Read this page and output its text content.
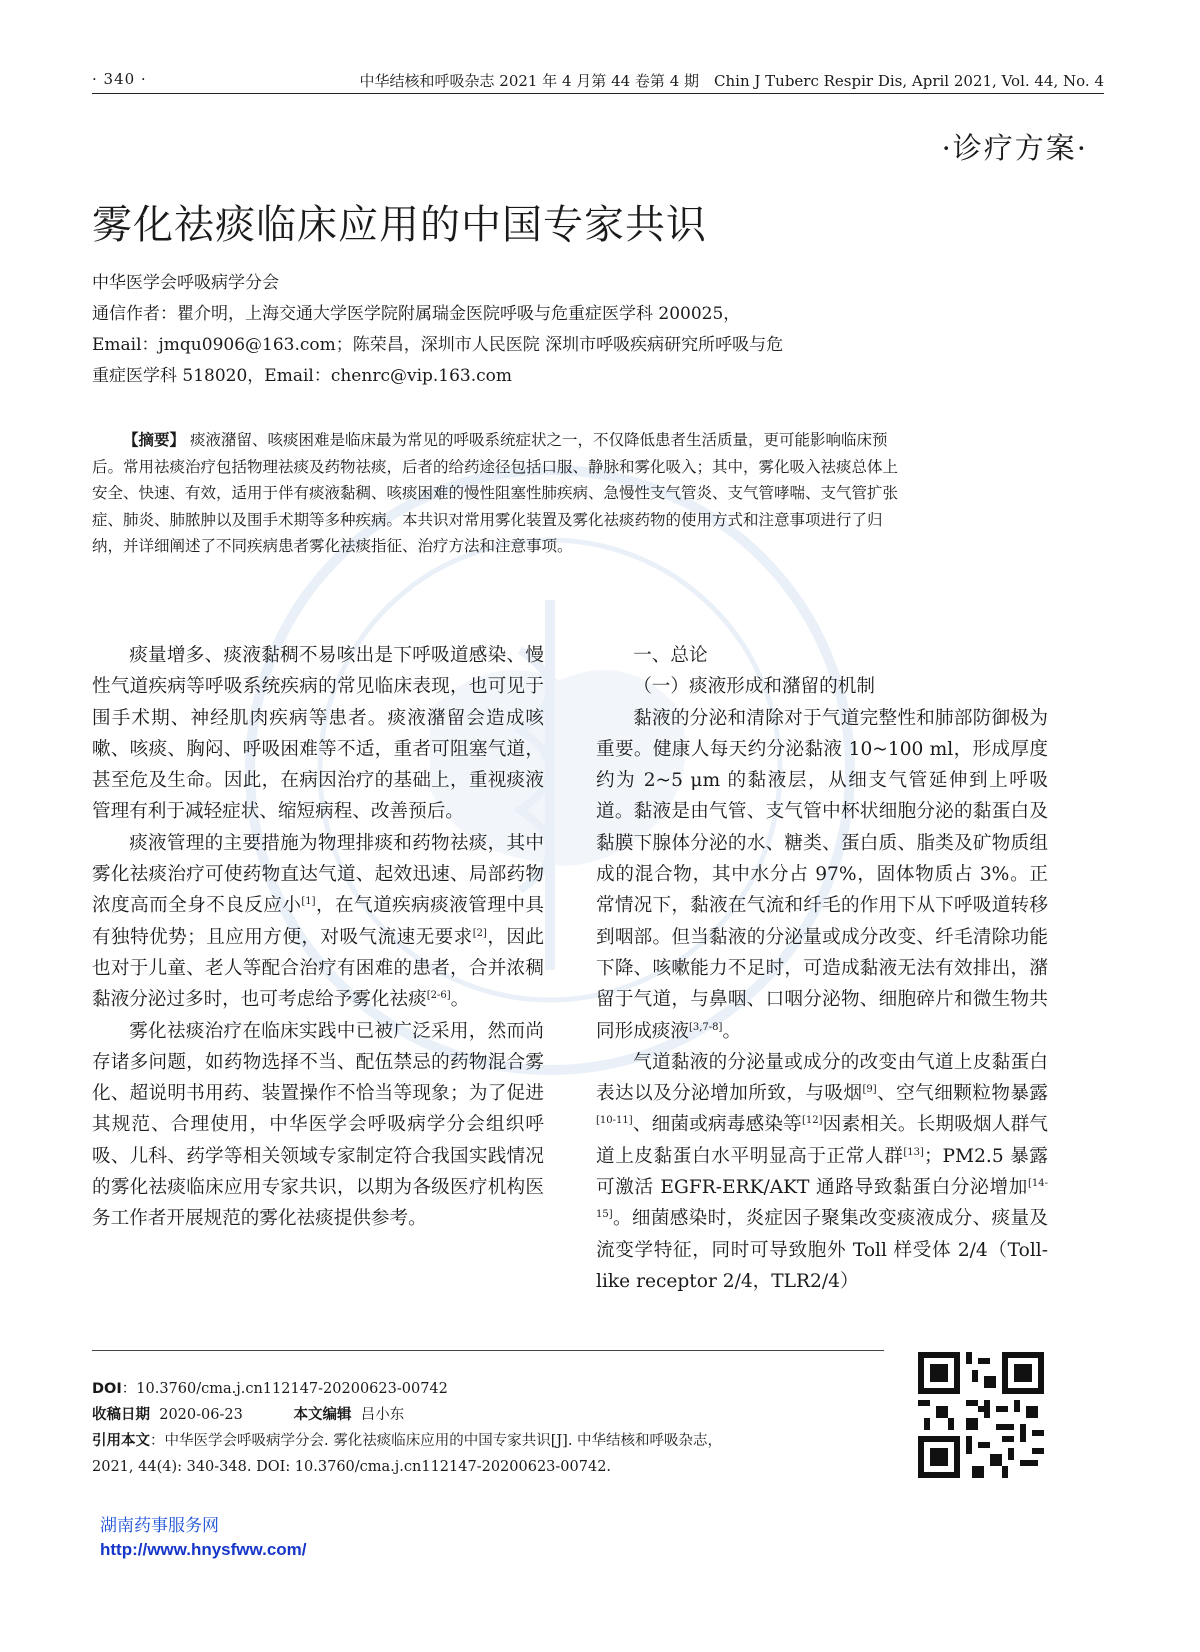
· 340 ·	中华结核和呼吸杂志 2021 年 4 月第 44 卷第 4 期　Chin J Tuberc Respir Dis, April 2021, Vol. 44, No. 4
·诊疗方案·
雾化祛痰临床应用的中国专家共识
中华医学会呼吸病学分会
通信作者：瞿介明，上海交通大学医学院附属瑞金医院呼吸与危重症医学科 200025，
Email：jmqu0906@163.com；陈荣昌，深圳市人民医院 深圳市呼吸疾病研究所呼吸与危
重症医学科 518020，Email：chenrc@vip.163.com

【摘要】 痰液潴留、咳痰困难是临床最为常见的呼吸系统症状之一，不仅降低患者生活质量，更可能影响临床预后。常用祛痰治疗包括物理祛痰及药物祛痰，后者的给药途径包括口服、静脉和雾化吸入；其中，雾化吸入祛痰总体上安全、快速、有效，适用于伴有痰液黏稠、咳痰困难的慢性阻塞性肺疾病、急慢性支气管炎、支气管哮喘、支气管扩张症、肺炎、肺脓肿以及围手术期等多种疾病。本共识对常用雾化装置及雾化祛痰药物的使用方式和注意事项进行了归纳，并详细阐述了不同疾病患者雾化祛痰指征、治疗方法和注意事项。

痰量增多、痰液黏稠不易咳出是下呼吸道感染、慢性气道疾病等呼吸系统疾病的常见临床表现，也可见于围手术期、神经肌肉疾病等患者。痰液潴留会造成咳嗽、咳痰、胸闷、呼吸困难等不适，重者可阻塞气道，甚至危及生命。因此，在病因治疗的基础上，重视痰液管理有利于减轻症状、缩短病程、改善预后。

痰液管理的主要措施为物理排痰和药物祛痰，其中雾化祛痰治疗可使药物直达气道、起效迅速、局部药物浓度高而全身不良反应小[1]，在气道疾病痰液管理中具有独特优势；且应用方便，对吸气流速无要求[2]，因此也对于儿童、老人等配合治疗有困难的患者，合并浓稠黏液分泌过多时，也可考虑给予雾化祛痰[2-6]。

雾化祛痰治疗在临床实践中已被广泛采用，然而尚存诸多问题，如药物选择不当、配伍禁忌的药物混合雾化、超说明书用药、装置操作不恰当等现象；为了促进其规范、合理使用，中华医学会呼吸病学分会组织呼吸、儿科、药学等相关领域专家制定符合我国实践情况的雾化祛痰临床应用专家共识，以期为各级医疗机构医务工作者开展规范的雾化祛痰提供参考。

一、总论

（一）痰液形成和潴留的机制

黏液的分泌和清除对于气道完整性和肺部防御极为重要。健康人每天约分泌黏液 10~100 ml，形成厚度约为 2~5 μm 的黏液层，从细支气管延伸到上呼吸道。黏液是由气管、支气管中杯状细胞分泌的黏蛋白及黏膜下腺体分泌的水、糖类、蛋白质、脂类及矿物质组成的混合物，其中水分占 97%，固体物质占 3%。正常情况下，黏液在气流和纤毛的作用下从下呼吸道转移到咽部。但当黏液的分泌量或成分改变、纤毛清除功能下降、咳嗽能力不足时，可造成黏液无法有效排出，潴留于气道，与鼻咽、口咽分泌物、细胞碎片和微生物共同形成痰液[3,7-8]。

气道黏液的分泌量或成分的改变由气道上皮黏蛋白表达以及分泌增加所致，与吸烟[9]、空气细颗粒物暴露[10-11]、细菌或病毒感染等[12]因素相关。长期吸烟人群气道上皮黏蛋白水平明显高于正常人群[13]；PM2.5 暴露可激活 EGFR-ERK/AKT 通路导致黏蛋白分泌增加[14-15]。细菌感染时，炎症因子聚集改变痰液成分、痰量及流变学特征，同时可导致胞外 Toll 样受体 2/4（Toll-like receptor 2/4，TLR2/4）

DOI：10.3760/cma.j.cn112147-20200623-00742
收稿日期 2020-06-23	本文编辑 吕小东
引用本文：中华医学会呼吸病学分会. 雾化祛痰临床应用的中国专家共识[J]. 中华结核和呼吸杂志，
2021, 44(4): 340-348. DOI: 10.3760/cma.j.cn112147-20200623-00742.
湖南药事服务网
http://www.hnysfww.com/
